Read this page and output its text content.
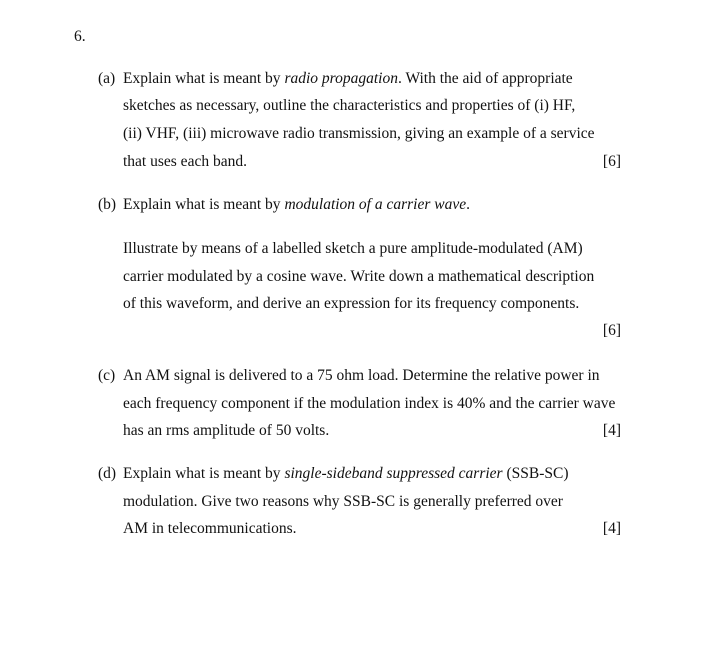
6.
(a) Explain what is meant by radio propagation. With the aid of appropriate
sketches as necessary, outline the characteristics and properties of (i) HF,
(ii) VHF, (iii) microwave radio transmission, giving an example of a service
that uses each band.	[6]
(b) Explain what is meant by modulation of a carrier wave.
Illustrate by means of a labelled sketch a pure amplitude-modulated (AM)
carrier modulated by a cosine wave. Write down a mathematical description
of this waveform, and derive an expression for its frequency components.
[6]
(c) An AM signal is delivered to a 75 ohm load. Determine the relative power in
each frequency component if the modulation index is 40% and the carrier wave
has an rms amplitude of 50 volts.	[4]
(d) Explain what is meant by single-sideband suppressed carrier (SSB-SC)
modulation. Give two reasons why SSB-SC is generally preferred over
AM in telecommunications.	[4]
